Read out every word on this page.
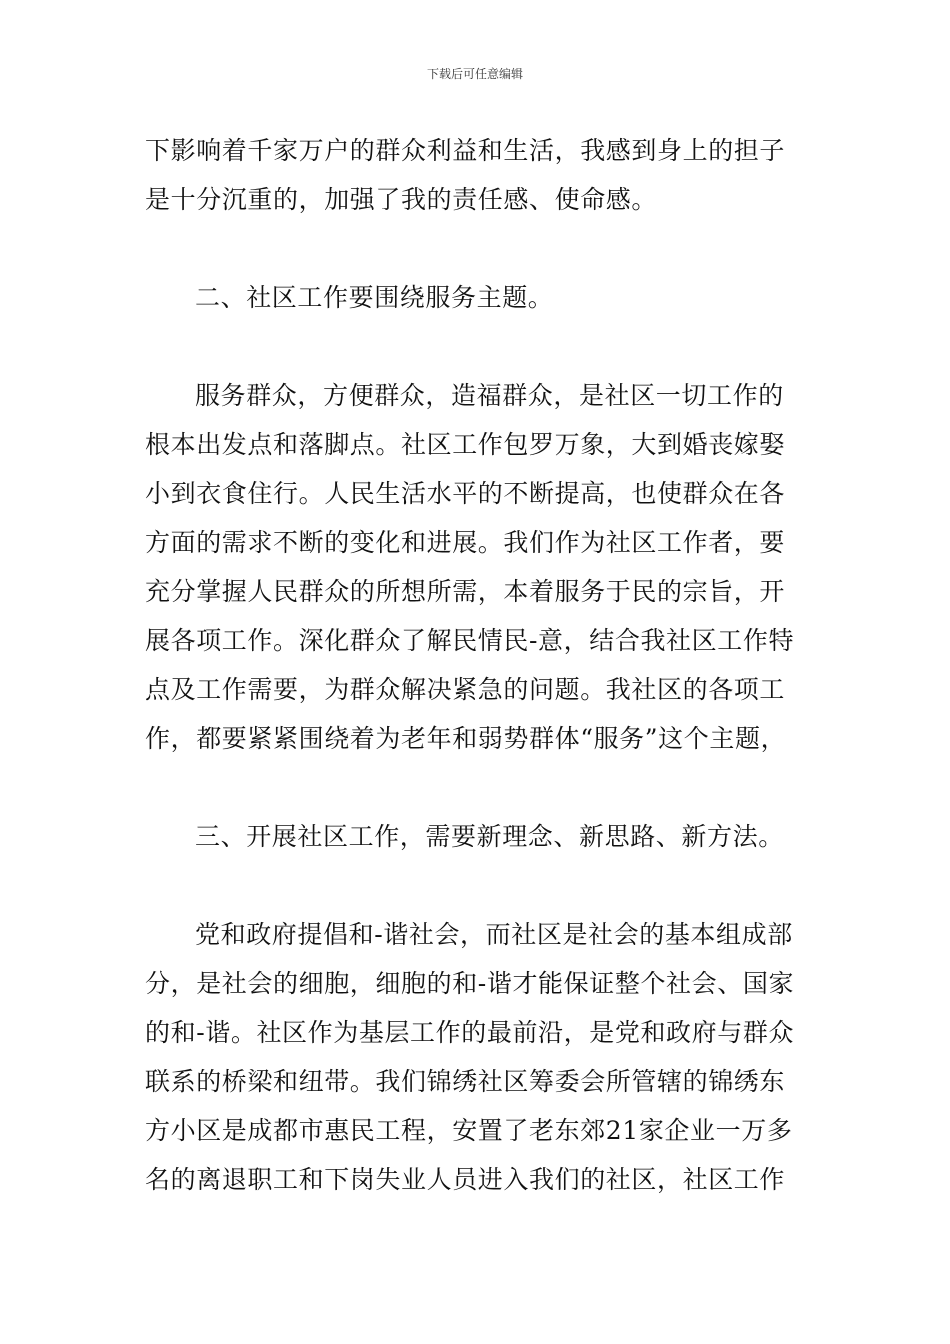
下载后可任意编辑
下影响着千家万户的群众利益和生活，我感到身上的担子
是十分沉重的，加强了我的责任感、使命感。
二、社区工作要围绕服务主题。
服务群众，方便群众，造福群众，是社区一切工作的
根本出发点和落脚点。社区工作包罗万象，大到婚丧嫁娶
小到衣食住行。人民生活水平的不断提高，也使群众在各
方面的需求不断的变化和进展。我们作为社区工作者，要
充分掌握人民群众的所想所需，本着服务于民的宗旨，开
展各项工作。深化群众了解民情民-意，结合我社区工作特
点及工作需要，为群众解决紧急的问题。我社区的各项工
作，都要紧紧围绕着为老年和弱势群体“服务”这个主题，
三、开展社区工作，需要新理念、新思路、新方法。
党和政府提倡和-谐社会，而社区是社会的基本组成部
分，是社会的细胞，细胞的和-谐才能保证整个社会、国家
的和-谐。社区作为基层工作的最前沿，是党和政府与群众
联系的桥梁和纽带。我们锦绣社区筹委会所管辖的锦绣东
方小区是成都市惠民工程，安置了老东郊21家企业一万多
名的离退职工和下岗失业人员进入我们的社区，社区工作
